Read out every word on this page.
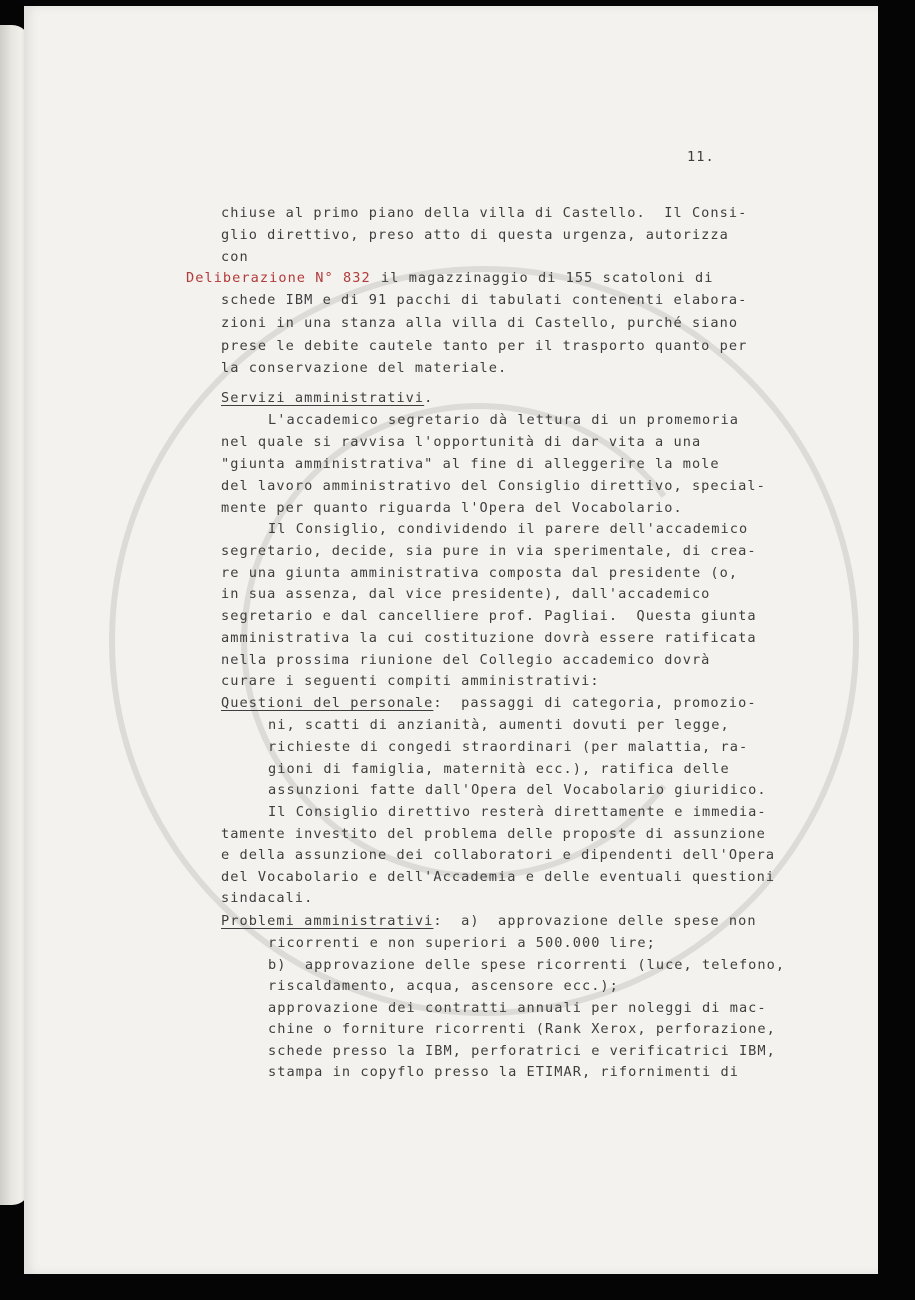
11.
chiuse al primo piano della villa di Castello.  Il Consi-
glio direttivo, preso atto di questa urgenza, autorizza
con
Deliberazione N° 832 il magazzinaggio di 155 scatoloni di
schede IBM e di 91 pacchi di tabulati contenenti elabora-
zioni in una stanza alla villa di Castello, purché siano
prese le debite cautele tanto per il trasporto quanto per
la conservazione del materiale.
Servizi amministrativi.
L'accademico segretario dà lettura di un promemoria
nel quale si ravvisa l'opportunità di dar vita a una
"giunta amministrativa" al fine di alleggerire la mole
del lavoro amministrativo del Consiglio direttivo, special-
mente per quanto riguarda l'Opera del Vocabolario.
Il Consiglio, condividendo il parere dell'accademico
segretario, decide, sia pure in via sperimentale, di crea-
re una giunta amministrativa composta dal presidente (o,
in sua assenza, dal vice presidente), dall'accademico
segretario e dal cancelliere prof. Pagliai.  Questa giunta
amministrativa la cui costituzione dovrà essere ratificata
nella prossima riunione del Collegio accademico dovrà
curare i seguenti compiti amministrativi:
Questioni del personale:  passaggi di categoria, promozio-
ni, scatti di anzianità, aumenti dovuti per legge,
richieste di congedi straordinari (per malattia, ra-
gioni di famiglia, maternità ecc.), ratifica delle
assunzioni fatte dall'Opera del Vocabolario giuridico.
Il Consiglio direttivo resterà direttamente e immedia-
tamente investito del problema delle proposte di assunzione
e della assunzione dei collaboratori e dipendenti dell'Opera
del Vocabolario e dell'Accademia e delle eventuali questioni
sindacali.
Problemi amministrativi:  a)  approvazione delle spese non
ricorrenti e non superiori a 500.000 lire;
b)  approvazione delle spese ricorrenti (luce, telefono,
riscaldamento, acqua, ascensore ecc.);
approvazione dei contratti annuali per noleggi di mac-
chine o forniture ricorrenti (Rank Xerox, perforazione,
schede presso la IBM, perforatrici e verificatrici IBM,
stampa in copyflo presso la ETIMAR, rifornimenti di
